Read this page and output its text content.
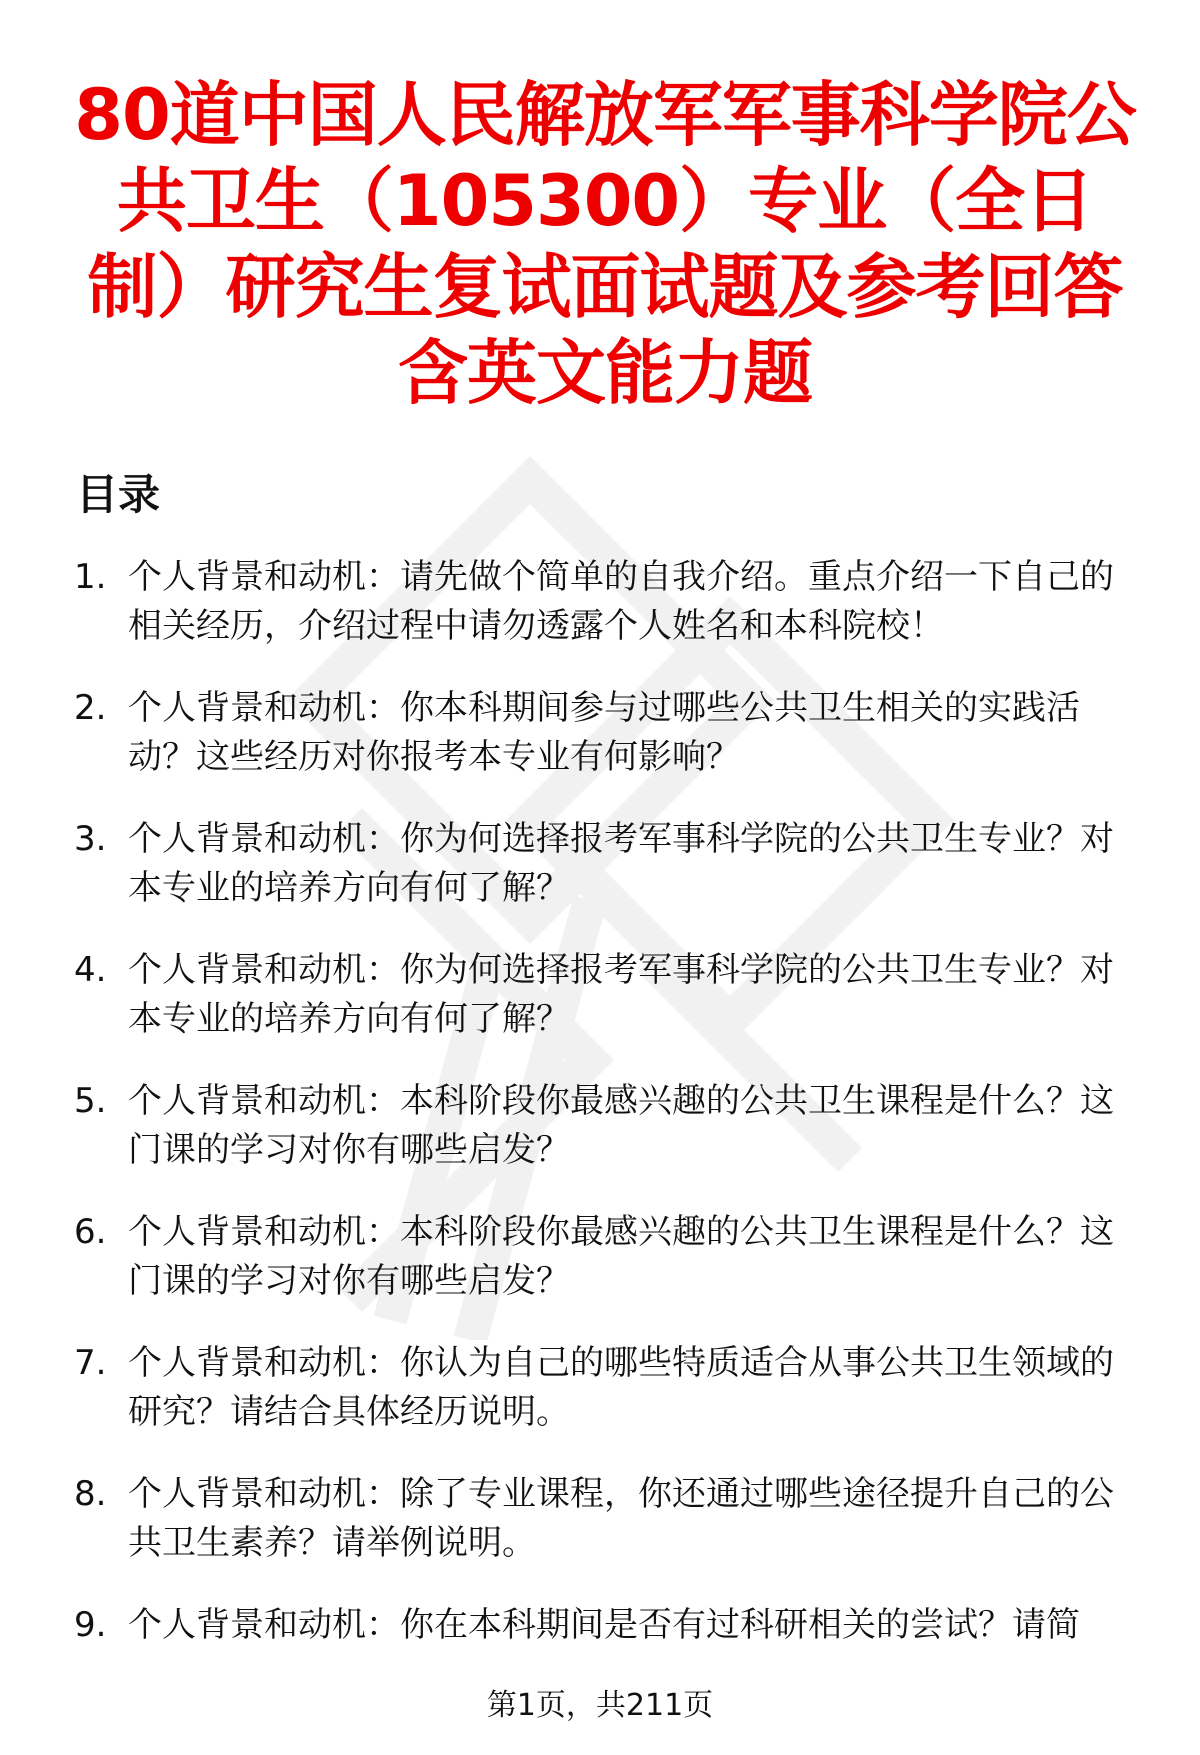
80道中国人民解放军军事科学院公共卫生（105300）专业（全日制）研究生复试面试题及参考回答含英文能力题
目录
1. 个人背景和动机：请先做个简单的自我介绍。重点介绍一下自己的相关经历，介绍过程中请勿透露个人姓名和本科院校！
2. 个人背景和动机：你本科期间参与过哪些公共卫生相关的实践活动？这些经历对你报考本专业有何影响？
3. 个人背景和动机：你为何选择报考军事科学院的公共卫生专业？对本专业的培养方向有何了解？
4. 个人背景和动机：你为何选择报考军事科学院的公共卫生专业？对本专业的培养方向有何了解？
5. 个人背景和动机：本科阶段你最感兴趣的公共卫生课程是什么？这门课的学习对你有哪些启发？
6. 个人背景和动机：本科阶段你最感兴趣的公共卫生课程是什么？这门课的学习对你有哪些启发？
7. 个人背景和动机：你认为自己的哪些特质适合从事公共卫生领域的研究？请结合具体经历说明。
8. 个人背景和动机：除了专业课程，你还通过哪些途径提升自己的公共卫生素养？请举例说明。
9. 个人背景和动机：你在本科期间是否有过科研相关的尝试？请简
第1页，共211页
